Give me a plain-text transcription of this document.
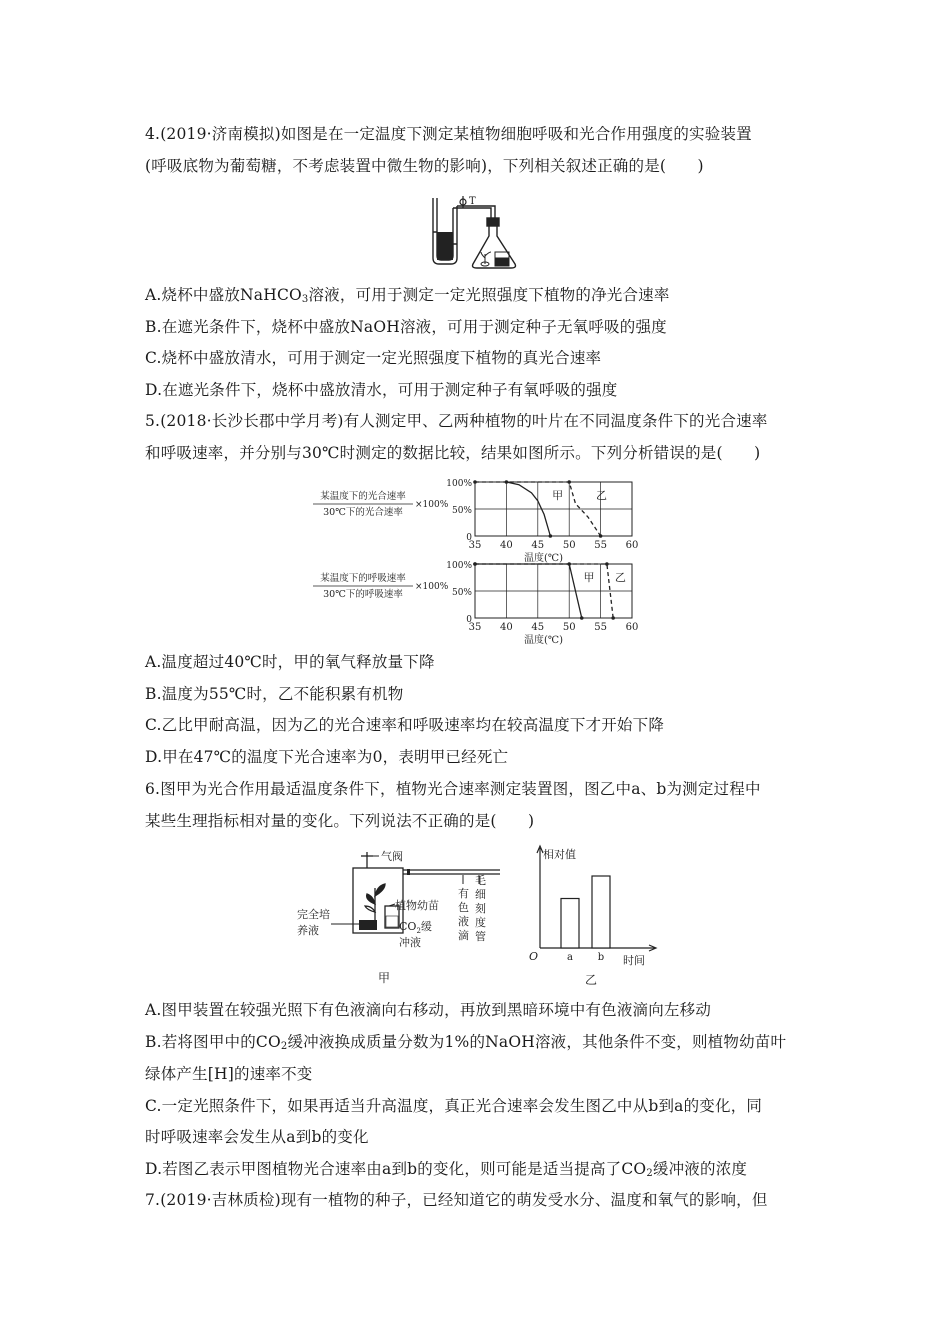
4.(2019·济南模拟)如图是在一定温度下测定某植物细胞呼吸和光合作用强度的实验装置
(呼吸底物为葡萄糖，不考虑装置中微生物的影响)，下列相关叙述正确的是(　　)
T
A.烧杯中盛放NaHCO$_3$溶液，可用于测定一定光照强度下植物的净光合速率
B.在遮光条件下，烧杯中盛放NaOH溶液，可用于测定种子无氧呼吸的强度
C.烧杯中盛放清水，可用于测定一定光照强度下植物的真光合速率
D.在遮光条件下，烧杯中盛放清水，可用于测定种子有氧呼吸的强度
5.(2018·长沙长郡中学月考)有人测定甲、乙两种植物的叶片在不同温度条件下的光合速率
和呼吸速率，并分别与30℃时测定的数据比较，结果如图所示。下列分析错误的是(　　)
某温度下的光合速率
30℃下的光合速率
×100%
35 40 45 50 55 60
0
50%
100%
温度(℃)
甲	乙
某温度下的呼吸速率
30℃下的呼吸速率
×100%
35 40 45 50 55 60
0
50%
100%
温度(℃)
甲 乙
A.温度超过40℃时，甲的氧气释放量下降
B.温度为55℃时，乙不能积累有机物
C.乙比甲耐高温，因为乙的光合速率和呼吸速率均在较高温度下才开始下降
D.甲在47℃的温度下光合速率为0，表明甲已经死亡
6.图甲为光合作用最适温度条件下，植物光合速率测定装置图，图乙中a、b为测定过程中
某些生理指标相对量的变化。下列说法不正确的是(　　)
气阀
植物幼苗
$CO_2$缓
冲液
完全培
养液
有
色
液
滴
毛
细
刻
度
管
甲
相对值
时间
O	a b
乙
A.图甲装置在较强光照下有色液滴向右移动，再放到黑暗环境中有色液滴向左移动
B.若将图甲中的$CO_2$缓冲液换成质量分数为1%的NaOH溶液，其他条件不变，则植物幼苗叶
绿体产生[H]的速率不变
C.一定光照条件下，如果再适当升高温度，真正光合速率会发生图乙中从b到a的变化，同
时呼吸速率会发生从a到b的变化
D.若图乙表示甲图植物光合速率由a到b的变化，则可能是适当提高了$CO_2$缓冲液的浓度
7.(2019·吉林质检)现有一植物的种子，已经知道它的萌发受水分、温度和氧气的影响，但
